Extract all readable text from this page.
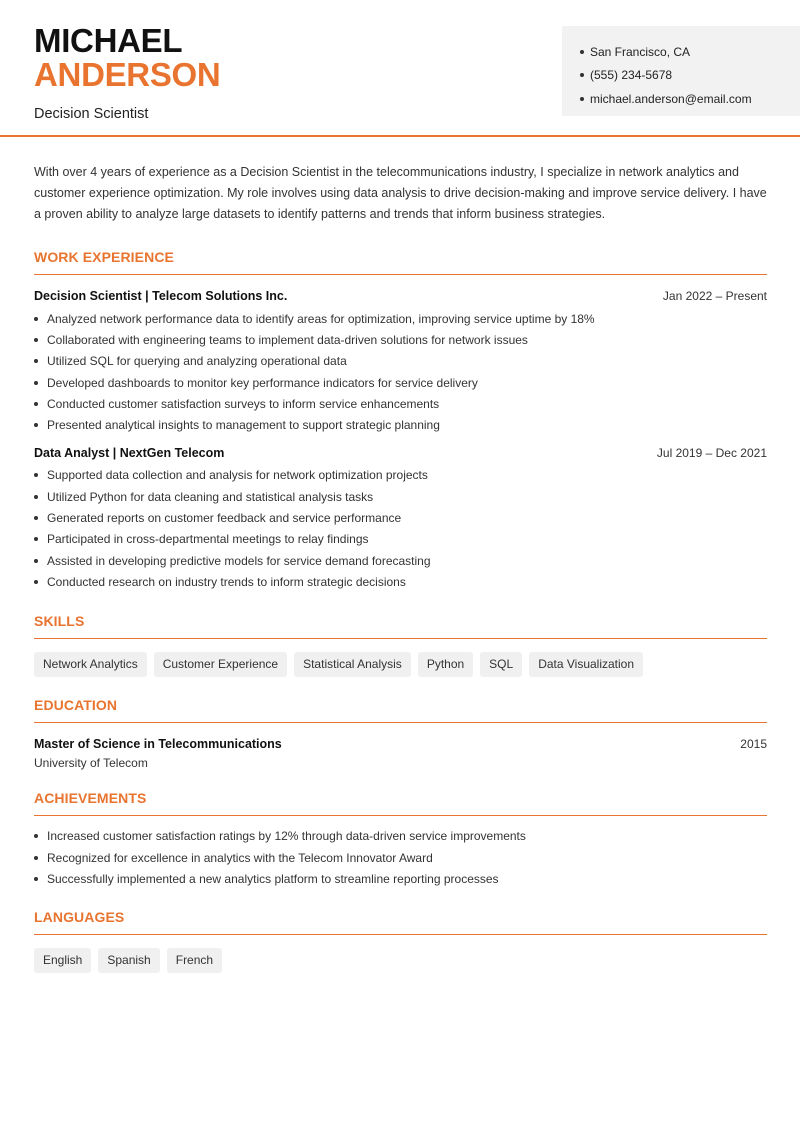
MICHAEL
ANDERSON
Decision Scientist
San Francisco, CA
(555) 234-5678
michael.anderson@email.com

With over 4 years of experience as a Decision Scientist in the telecommunications industry, I specialize in network analytics and customer experience optimization. My role involves using data analysis to drive decision-making and improve service delivery. I have a proven ability to analyze large datasets to identify patterns and trends that inform business strategies.

WORK EXPERIENCE
Decision Scientist | Telecom Solutions Inc.	Jan 2022 – Present
Analyzed network performance data to identify areas for optimization, improving service uptime by 18%
Collaborated with engineering teams to implement data-driven solutions for network issues
Utilized SQL for querying and analyzing operational data
Developed dashboards to monitor key performance indicators for service delivery
Conducted customer satisfaction surveys to inform service enhancements
Presented analytical insights to management to support strategic planning
Data Analyst | NextGen Telecom	Jul 2019 – Dec 2021
Supported data collection and analysis for network optimization projects
Utilized Python for data cleaning and statistical analysis tasks
Generated reports on customer feedback and service performance
Participated in cross-departmental meetings to relay findings
Assisted in developing predictive models for service demand forecasting
Conducted research on industry trends to inform strategic decisions
SKILLS
Network Analytics	Customer Experience	Statistical Analysis	Python	SQL	Data Visualization
EDUCATION
Master of Science in Telecommunications	2015
University of Telecom
ACHIEVEMENTS
Increased customer satisfaction ratings by 12% through data-driven service improvements
Recognized for excellence in analytics with the Telecom Innovator Award
Successfully implemented a new analytics platform to streamline reporting processes
LANGUAGES
English	Spanish	French
